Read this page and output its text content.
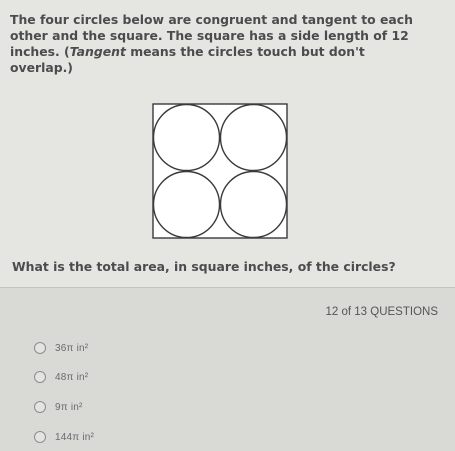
The four circles below are congruent and tangent to each other and the square. The square has a side length of 12 inches. (Tangent means the circles touch but don't overlap.)

What is the total area, in square inches, of the circles?

12 of 13 QUESTIONS
36π in²
48π in²
9π in²
144π in²
